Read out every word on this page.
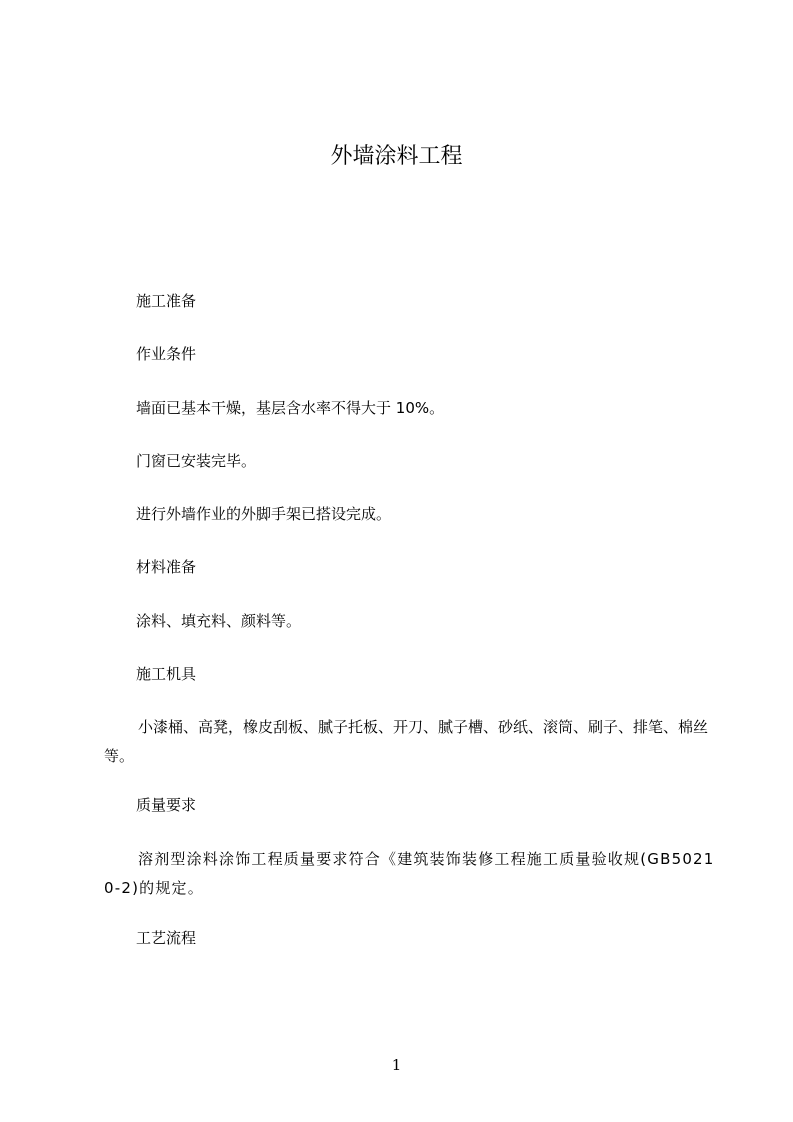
外墙涂料工程

施工准备

作业条件

墙面已基本干燥，基层含水率不得大于 10%。

门窗已安装完毕。

进行外墙作业的外脚手架已搭设完成。

材料准备

涂料、填充料、颜料等。

施工机具

小漆桶、高凳，橡皮刮板、腻子托板、开刀、腻子槽、砂纸、滚筒、刷子、排笔、棉丝等。

质量要求

溶剂型涂料涂饰工程质量要求符合《建筑装饰装修工程施工质量验收规(GB50210-2)的规定。

工艺流程

1
